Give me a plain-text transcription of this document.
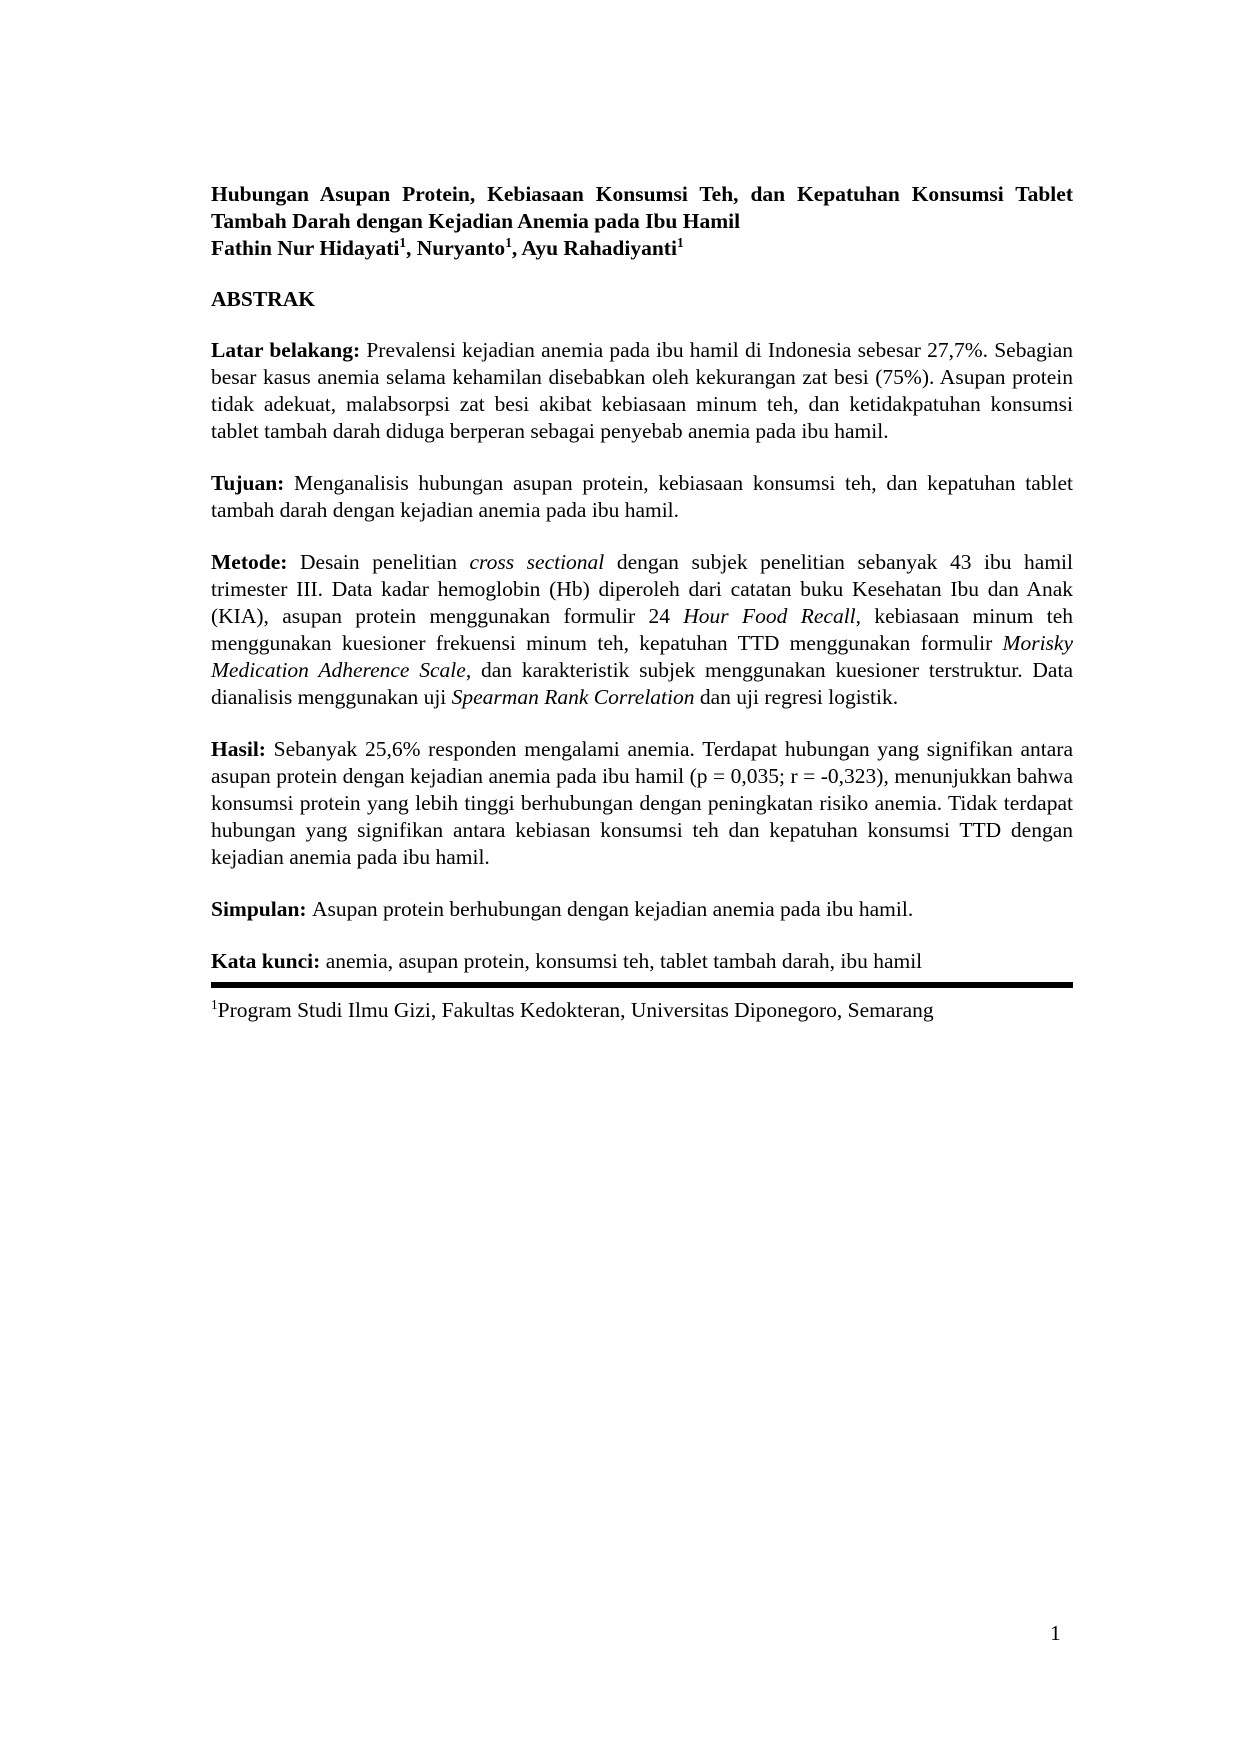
Hubungan Asupan Protein, Kebiasaan Konsumsi Teh, dan Kepatuhan Konsumsi Tablet Tambah Darah dengan Kejadian Anemia pada Ibu Hamil
Fathin Nur Hidayati$^1$, Nuryanto$^1$, Ayu Rahadiyanti$^1$
ABSTRAK

Latar belakang: Prevalensi kejadian anemia pada ibu hamil di Indonesia sebesar 27,7%. Sebagian besar kasus anemia selama kehamilan disebabkan oleh kekurangan zat besi (75%). Asupan protein tidak adekuat, malabsorpsi zat besi akibat kebiasaan minum teh, dan ketidakpatuhan konsumsi tablet tambah darah diduga berperan sebagai penyebab anemia pada ibu hamil.

Tujuan: Menganalisis hubungan asupan protein, kebiasaan konsumsi teh, dan kepatuhan tablet tambah darah dengan kejadian anemia pada ibu hamil.

Metode: Desain penelitian cross sectional dengan subjek penelitian sebanyak 43 ibu hamil trimester III. Data kadar hemoglobin (Hb) diperoleh dari catatan buku Kesehatan Ibu dan Anak (KIA), asupan protein menggunakan formulir 24 Hour Food Recall, kebiasaan minum teh menggunakan kuesioner frekuensi minum teh, kepatuhan TTD menggunakan formulir Morisky Medication Adherence Scale, dan karakteristik subjek menggunakan kuesioner terstruktur. Data dianalisis menggunakan uji Spearman Rank Correlation dan uji regresi logistik.

Hasil: Sebanyak 25,6% responden mengalami anemia. Terdapat hubungan yang signifikan antara asupan protein dengan kejadian anemia pada ibu hamil (p = 0,035; r = -0,323), menunjukkan bahwa konsumsi protein yang lebih tinggi berhubungan dengan peningkatan risiko anemia. Tidak terdapat hubungan yang signifikan antara kebiasan konsumsi teh dan kepatuhan konsumsi TTD dengan kejadian anemia pada ibu hamil.

Simpulan: Asupan protein berhubungan dengan kejadian anemia pada ibu hamil.

Kata kunci: anemia, asupan protein, konsumsi teh, tablet tambah darah, ibu hamil

$^1$Program Studi Ilmu Gizi, Fakultas Kedokteran, Universitas Diponegoro, Semarang

1
